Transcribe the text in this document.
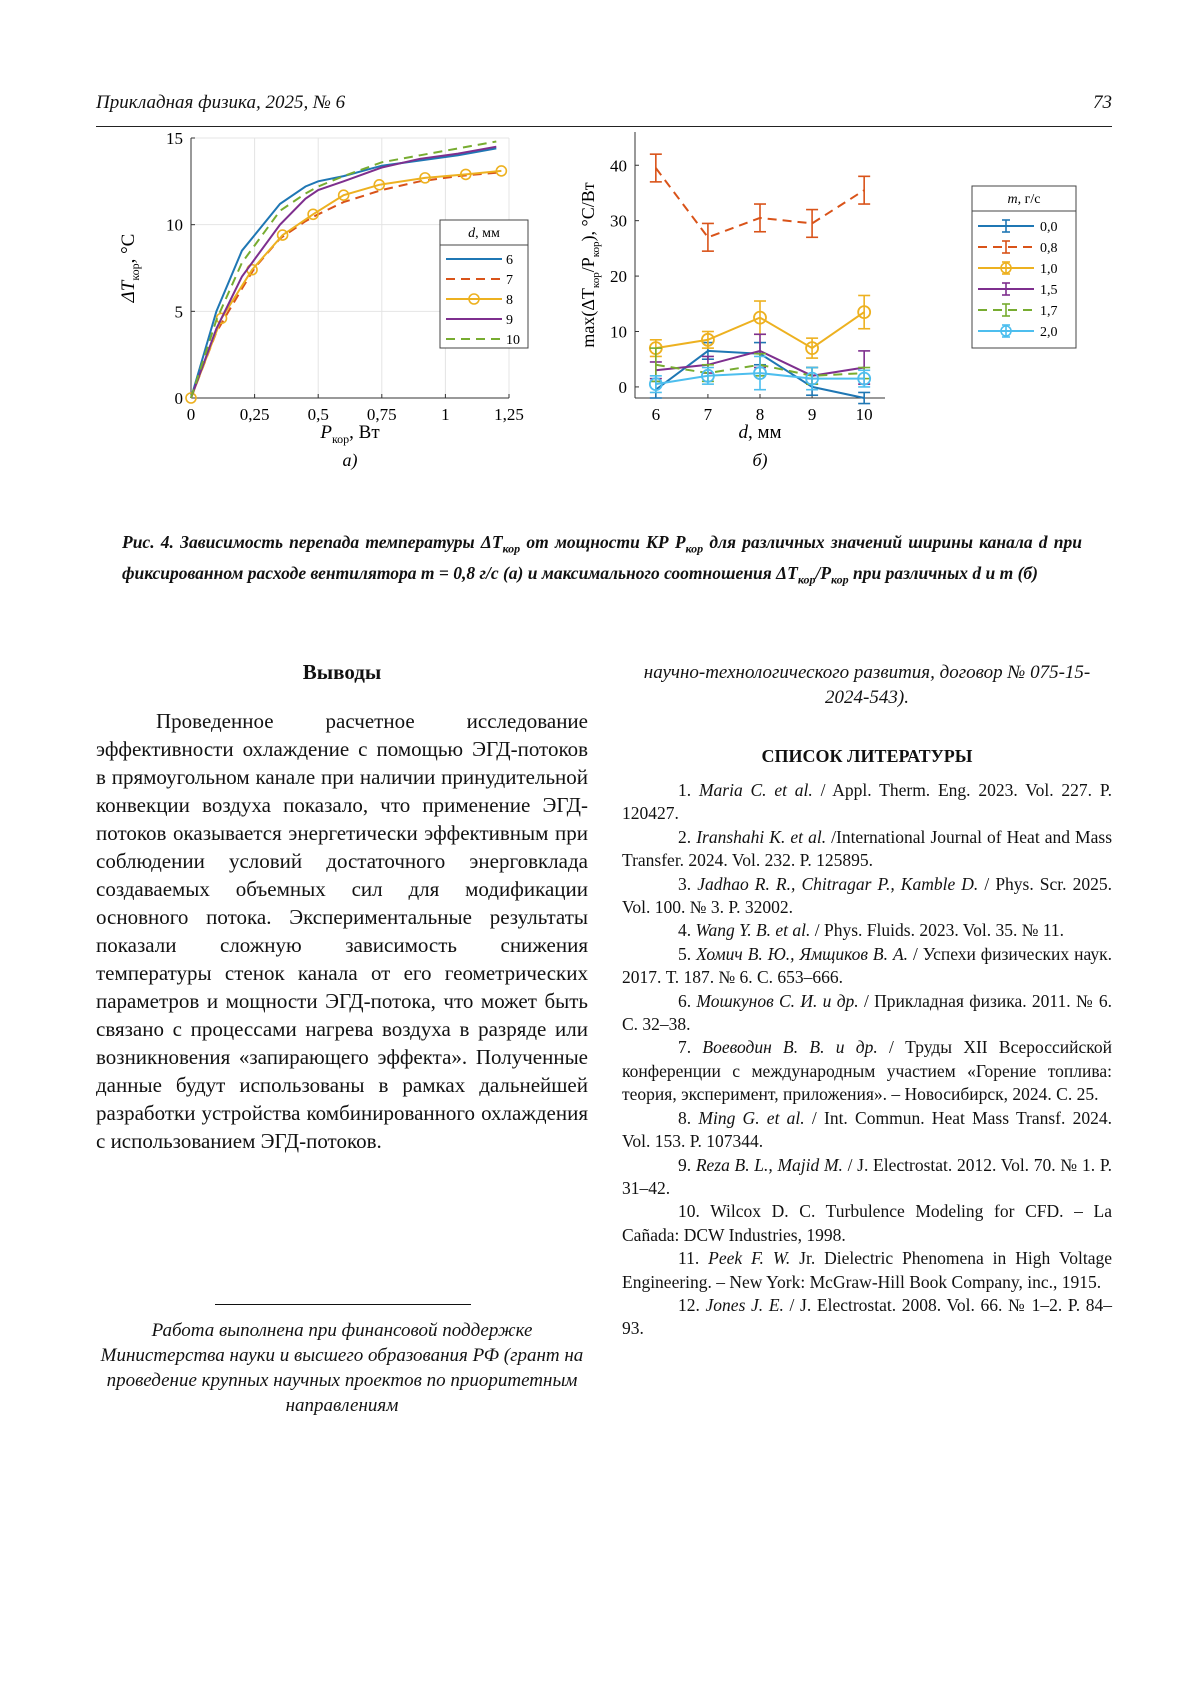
Прикладная физика, 2025, № 6	73
0	0,25 0,5 0,75	1	1,25
0
5
10
15
$P_{кор}$, Вт
$\Delta T_{кор}$, °C
а)
d, мм
6
7
8
9
10
6	7	8	9 10
0
10
20
30
40
d, мм
$\max(\Delta T_{кор}/P_{кор})$, °C/Вт
б)
m, г/с
0,0
0,8
1,0
1,5
1,7
2,0
Рис. 4. Зависимость перепада температуры $\Delta T_{кор}$ от мощности КР $P_{кор}$ для различных значений ширины канала d при фиксированном расходе вентилятора m = 0,8 г/с (а) и максимального соотношения $\Delta T_{кор}/P_{кор}$ при различных d и m (б)
Выводы

Проведенное расчетное исследование эффективности охлаждение с помощью ЭГД-потоков в прямоугольном канале при наличии принудительной конвекции воздуха показало, что применение ЭГД-потоков оказывается энергетически эффективным при соблюдении условий достаточного энерговклада создаваемых объемных сил для модификации основного потока. Экспериментальные результаты показали сложную зависимость снижения температуры стенок канала от его геометрических параметров и мощности ЭГД-потока, что может быть связано с процессами нагрева воздуха в разряде или возникновения «запирающего эффекта». Полученные данные будут использованы в рамках дальнейшей разработки устройства комбинированного охлаждения с использованием ЭГД-потоков.

Работа выполнена при финансовой поддержке Министерства науки и высшего образования РФ (грант на проведение крупных научных проектов по приоритетным направлениям

научно-технологического развития, договор № 075-15-2024-543).

СПИСОК ЛИТЕРАТУРЫ

1. Maria C. et al. / Appl. Therm. Eng. 2023. Vol. 227. P. 120427.

2. Iranshahi K. et al. /International Journal of Heat and Mass Transfer. 2024. Vol. 232. P. 125895.

3. Jadhao R. R., Chitragar P., Kamble D. / Phys. Scr. 2025. Vol. 100. № 3. P. 32002.

4. Wang Y. B. et al. / Phys. Fluids. 2023. Vol. 35. № 11.

5. Хомич В. Ю., Ямщиков В. А. / Успехи физических наук. 2017. Т. 187. № 6. С. 653–666.

6. Мошкунов С. И. и др. / Прикладная физика. 2011. № 6. С. 32–38.

7. Воеводин В. В. и др. / Труды XII Всероссийской конференции с международным участием «Горение топлива: теория, эксперимент, приложения». – Новосибирск, 2024. С. 25.

8. Ming G. et al. / Int. Commun. Heat Mass Transf. 2024. Vol. 153. P. 107344.

9. Reza B. L., Majid M. / J. Electrostat. 2012. Vol. 70. № 1. P. 31–42.

10. Wilcox D. C. Turbulence Modeling for CFD. – La Cañada: DCW Industries, 1998.

11. Peek F. W. Jr. Dielectric Phenomena in High Voltage Engineering. – New York: McGraw-Hill Book Company, inc., 1915.

12. Jones J. E. / J. Electrostat. 2008. Vol. 66. № 1–2. P. 84–93.
